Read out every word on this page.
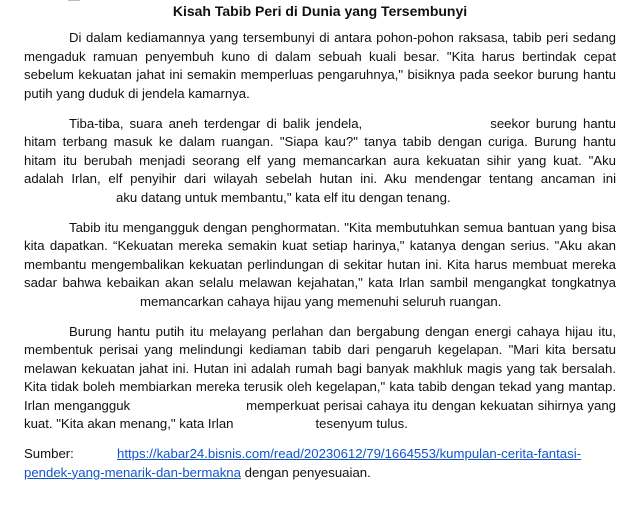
Kisah Tabib Peri di Dunia yang Tersembunyi

Di dalam kediamannya yang tersembunyi di antara pohon-pohon raksasa, tabib peri sedang mengaduk ramuan penyembuh kuno di dalam sebuah kuali besar. "Kita harus bertindak cepat sebelum kekuatan jahat ini semakin memperluas pengaruhnya," bisiknya pada seekor burung hantu putih yang duduk di jendela kamarnya.

Tiba-tiba, suara aneh terdengar di balik jendela,	seekor burung hantu hitam terbang masuk ke dalam ruangan. "Siapa kau?" tanya tabib dengan curiga. Burung hantu hitam itu berubah menjadi seorang elf yang memancarkan aura kekuatan sihir yang kuat. "Aku adalah Irlan, elf penyihir dari wilayah sebelah hutan ini. Aku mendengar tentang ancaman iniaku datang untuk membantu," kata elf itu dengan tenang.

Tabib itu mengangguk dengan penghormatan. "Kita membutuhkan semua bantuan yang bisa kita dapatkan. “Kekuatan mereka semakin kuat setiap harinya," katanya dengan serius. "Aku akan membantu mengembalikan kekuatan perlindungan di sekitar hutan ini. Kita harus membuat mereka sadar bahwa kebaikan akan selalu melawan kejahatan," kata Irlan sambil mengangkat tongkatnyamemancarkan cahaya hijau yang memenuhi seluruh ruangan.

Burung hantu putih itu melayang perlahan dan bergabung dengan energi cahaya hijau itu, membentuk perisai yang melindungi kediaman tabib dari pengaruh kegelapan. "Mari kita bersatu melawan kekuatan jahat ini. Hutan ini adalah rumah bagi banyak makhluk magis yang tak bersalah. Kita tidak boleh membiarkan mereka terusik oleh kegelapan," kata tabib dengan tekad yang mantap. Irlan mengangguk	memperkuat perisai cahaya itu dengan kekuatan sihirnya yang kuat. "Kita akan menang," kata Irlan	tesenyum tulus.

Sumber:	https://kabar24.bisnis.com/read/20230612/79/1664553/kumpulan-cerita-fantasi-pendek-yang-menarik-dan-bermakna dengan penyesuaian.
